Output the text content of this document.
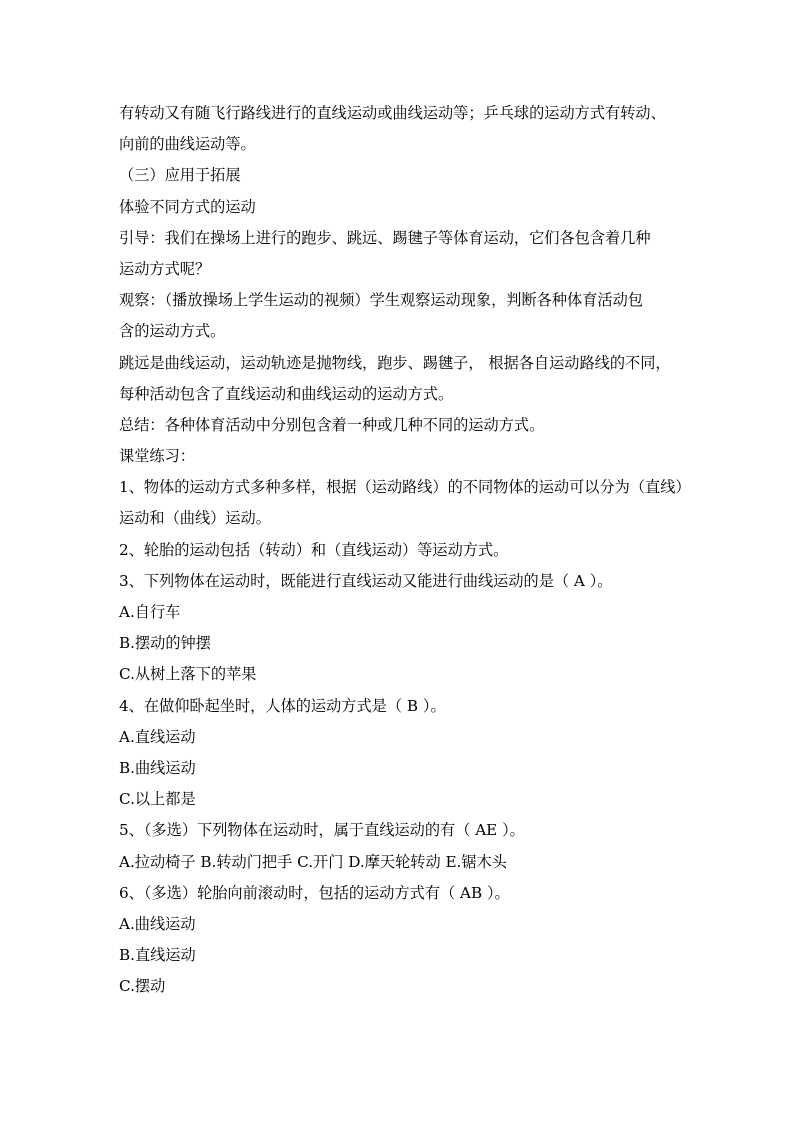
有转动又有随飞行路线进行的直线运动或曲线运动等；乒乓球的运动方式有转动、
向前的曲线运动等。
（三）应用于拓展
体验不同方式的运动
引导：我们在操场上进行的跑步、跳远、踢毽子等体育运动，它们各包含着几种
运动方式呢？
观察：（播放操场上学生运动的视频）学生观察运动现象，判断各种体育活动包
含的运动方式。
跳远是曲线运动，运动轨迹是抛物线，跑步、踢毽子， 根据各自运动路线的不同，
每种活动包含了直线运动和曲线运动的运动方式。
总结：各种体育活动中分别包含着一种或几种不同的运动方式。
课堂练习：
1、物体的运动方式多种多样，根据（运动路线）的不同物体的运动可以分为（直线）
运动和（曲线）运动。
2、轮胎的运动包括（转动）和（直线运动）等运动方式。
3、下列物体在运动时，既能进行直线运动又能进行曲线运动的是（ A ）。
A.自行车
B.摆动的钟摆
C.从树上落下的苹果
4、在做仰卧起坐时，人体的运动方式是（ B ）。
A.直线运动
B.曲线运动
C.以上都是
5、（多选）下列物体在运动时，属于直线运动的有（ AE ）。
A.拉动椅子 B.转动门把手 C.开门 D.摩天轮转动 E.锯木头
6、（多选）轮胎向前滚动时，包括的运动方式有（ AB ）。
A.曲线运动
B.直线运动
C.摆动
